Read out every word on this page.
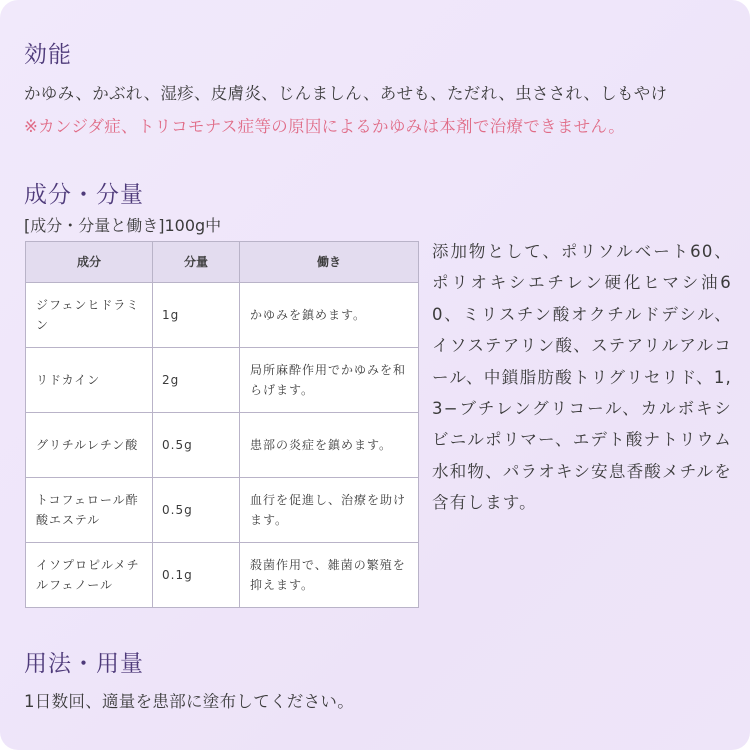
効能

かゆみ、かぶれ、湿疹、皮膚炎、じんましん、あせも、ただれ、虫さされ、しもやけ

※カンジダ症、トリコモナス症等の原因によるかゆみは本剤で治療できません。

成分・分量

[成分・分量と働き]100g中

成分	分量	働き
ジフェンヒドラミン	1g	かゆみを鎮めます。
リドカイン	2g	局所麻酔作用でかゆみを和らげます。
グリチルレチン酸	0.5g	患部の炎症を鎮めます。
トコフェロール酢酸エステル	0.5g	血行を促進し、治療を助けます。
イソプロピルメチルフェノール	0.1g	殺菌作用で、雑菌の繁殖を抑えます。

添加物として、ポリソルベート60、ポリオキシエチレン硬化ヒマシ油60、ミリスチン酸オクチルドデシル、イソステアリン酸、ステアリルアルコール、中鎖脂肪酸トリグリセリド、1,3−ブチレングリコール、カルボキシビニルポリマー、エデト酸ナトリウム水和物、パラオキシ安息香酸メチルを含有します。

用法・用量

1日数回、適量を患部に塗布してください。
